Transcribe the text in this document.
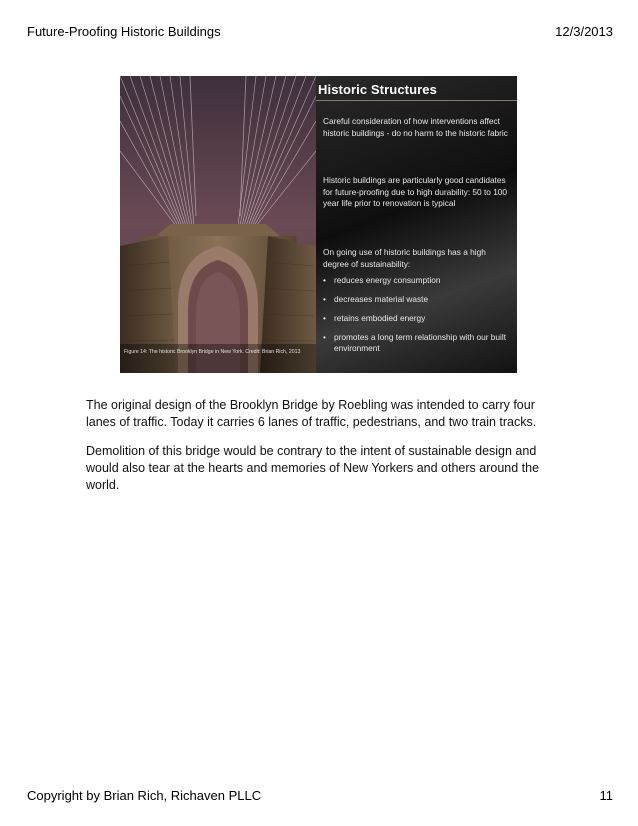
Future-Proofing Historic Buildings	12/3/2013
Historic Structures
Careful consideration of how interventions affect historic buildings - do no harm to the historic fabric
Historic buildings are particularly good candidates for future-proofing due to high durability: 50 to 100 year life prior to renovation is typical
On going use of historic buildings has a high degree of sustainability:
• reduces energy consumption
• decreases material waste
• retains embodied energy
• promotes a long term relationship with our built environment
Figure 14: The historic Brooklyn Bridge in New York. Credit: Brian Rich, 2013
The original design of the Brooklyn Bridge by Roebling was intended to carry four lanes of traffic. Today it carries 6 lanes of traffic, pedestrians, and two train tracks.
Demolition of this bridge would be contrary to the intent of sustainable design and would also tear at the hearts and memories of New Yorkers and others around the world.
Copyright by Brian Rich, Richaven PLLC	11
